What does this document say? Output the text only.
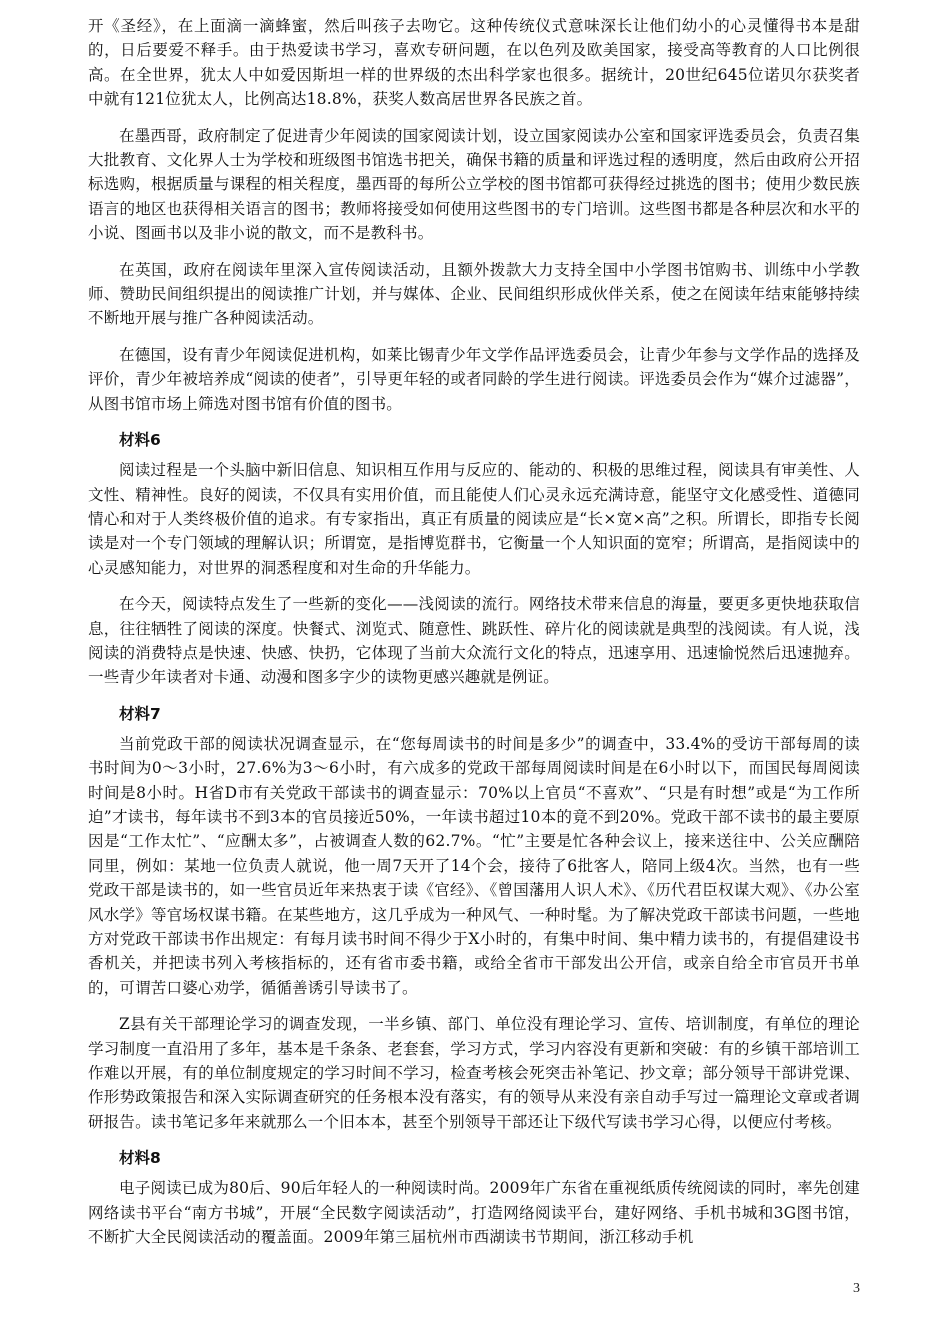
开《圣经》，在上面滴一滴蜂蜜，然后叫孩子去吻它。这种传统仪式意味深长让他们幼小的心灵懂得书本是甜的，日后要爱不释手。由于热爱读书学习，喜欢专研问题，在以色列及欧美国家，接受高等教育的人口比例很高。在全世界，犹太人中如爱因斯坦一样的世界级的杰出科学家也很多。据统计，20世纪645位诺贝尔获奖者中就有121位犹太人，比例高达18.8%，获奖人数高居世界各民族之首。

在墨西哥，政府制定了促进青少年阅读的国家阅读计划，设立国家阅读办公室和国家评选委员会，负责召集大批教育、文化界人士为学校和班级图书馆选书把关，确保书籍的质量和评选过程的透明度，然后由政府公开招标选购，根据质量与课程的相关程度，墨西哥的每所公立学校的图书馆都可获得经过挑选的图书；使用少数民族语言的地区也获得相关语言的图书；教师将接受如何使用这些图书的专门培训。这些图书都是各种层次和水平的小说、图画书以及非小说的散文，而不是教科书。

在英国，政府在阅读年里深入宣传阅读活动，且额外拨款大力支持全国中小学图书馆购书、训练中小学教师、赞助民间组织提出的阅读推广计划，并与媒体、企业、民间组织形成伙伴关系，使之在阅读年结束能够持续不断地开展与推广各种阅读活动。

在德国，设有青少年阅读促进机构，如莱比锡青少年文学作品评选委员会，让青少年参与文学作品的选择及评价，青少年被培养成“阅读的使者”，引导更年轻的或者同龄的学生进行阅读。评选委员会作为“媒介过滤器”，从图书馆市场上筛选对图书馆有价值的图书。

材料6

阅读过程是一个头脑中新旧信息、知识相互作用与反应的、能动的、积极的思维过程，阅读具有审美性、人文性、精神性。良好的阅读，不仅具有实用价值，而且能使人们心灵永远充满诗意，能坚守文化感受性、道德同情心和对于人类终极价值的追求。有专家指出，真正有质量的阅读应是“长×宽×高”之积。所谓长，即指专长阅读是对一个专门领域的理解认识；所谓宽，是指博览群书，它衡量一个人知识面的宽窄；所谓高，是指阅读中的心灵感知能力，对世界的洞悉程度和对生命的升华能力。

在今天，阅读特点发生了一些新的变化——浅阅读的流行。网络技术带来信息的海量，要更多更快地获取信息，往往牺牲了阅读的深度。快餐式、浏览式、随意性、跳跃性、碎片化的阅读就是典型的浅阅读。有人说，浅阅读的消费特点是快速、快感、快扔，它体现了当前大众流行文化的特点，迅速享用、迅速愉悦然后迅速抛弃。一些青少年读者对卡通、动漫和图多字少的读物更感兴趣就是例证。

材料7

当前党政干部的阅读状况调查显示，在“您每周读书的时间是多少”的调查中，33.4%的受访干部每周的读书时间为0～3小时，27.6%为3～6小时，有六成多的党政干部每周阅读时间是在6小时以下，而国民每周阅读时间是8小时。H省D市有关党政干部读书的调查显示：70%以上官员“不喜欢”、“只是有时想”或是“为工作所迫”才读书，每年读书不到3本的官员接近50%，一年读书超过10本的竟不到20%。党政干部不读书的最主要原因是“工作太忙”、“应酬太多”，占被调查人数的62.7%。“忙”主要是忙各种会议上，接来送往中、公关应酬陪同里，例如：某地一位负责人就说，他一周7天开了14个会，接待了6批客人，陪同上级4次。当然，也有一些党政干部是读书的，如一些官员近年来热衷于读《官经》、《曾国藩用人识人术》、《历代君臣权谋大观》、《办公室风水学》等官场权谋书籍。在某些地方，这几乎成为一种风气、一种时髦。为了解决党政干部读书问题，一些地方对党政干部读书作出规定：有每月读书时间不得少于X小时的，有集中时间、集中精力读书的，有提倡建设书香机关，并把读书列入考核指标的，还有省市委书籍，或给全省市干部发出公开信，或亲自给全市官员开书单的，可谓苦口婆心劝学，循循善诱引导读书了。

Z县有关干部理论学习的调查发现，一半乡镇、部门、单位没有理论学习、宣传、培训制度，有单位的理论学习制度一直沿用了多年，基本是千条条、老套套，学习方式，学习内容没有更新和突破：有的乡镇干部培训工作难以开展，有的单位制度规定的学习时间不学习，检查考核会死突击补笔记、抄文章；部分领导干部讲党课、作形势政策报告和深入实际调查研究的任务根本没有落实，有的领导从来没有亲自动手写过一篇理论文章或者调研报告。读书笔记多年来就那么一个旧本本，甚至个别领导干部还让下级代写读书学习心得，以便应付考核。

材料8

电子阅读已成为80后、90后年轻人的一种阅读时尚。2009年广东省在重视纸质传统阅读的同时，率先创建网络读书平台“南方书城”，开展“全民数字阅读活动”，打造网络阅读平台，建好网络、手机书城和3G图书馆，不断扩大全民阅读活动的覆盖面。2009年第三届杭州市西湖读书节期间，浙江移动手机

3
